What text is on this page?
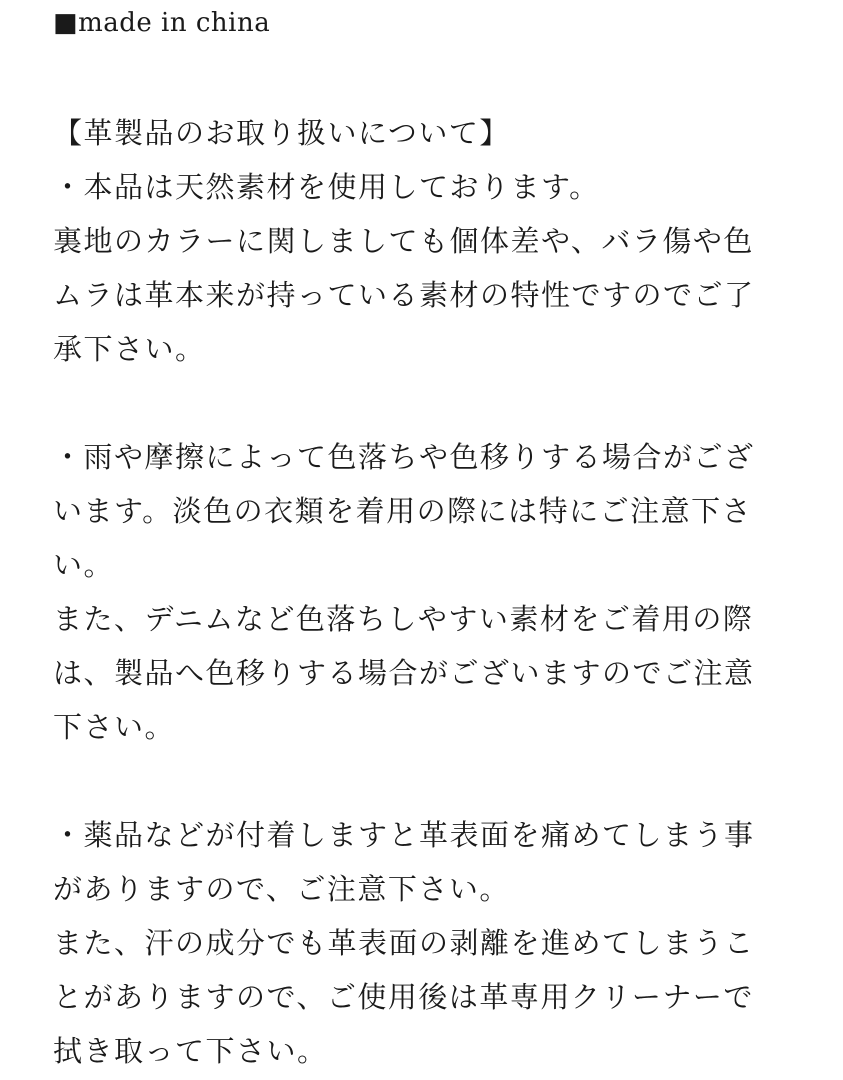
■made in china
【革製品のお取り扱いについて】
・本品は天然素材を使用しております。
裏地のカラーに関しましても個体差や、バラ傷や色
ムラは革本来が持っている素材の特性ですのでご了
承下さい。
・雨や摩擦によって色落ちや色移りする場合がござ
います。淡色の衣類を着用の際には特にご注意下さ
い。
また、デニムなど色落ちしやすい素材をご着用の際
は、製品へ色移りする場合がございますのでご注意
下さい。
・薬品などが付着しますと革表面を痛めてしまう事
がありますので、ご注意下さい。
また、汗の成分でも革表面の剥離を進めてしまうこ
とがありますので、ご使用後は革専用クリーナーで
拭き取って下さい。
